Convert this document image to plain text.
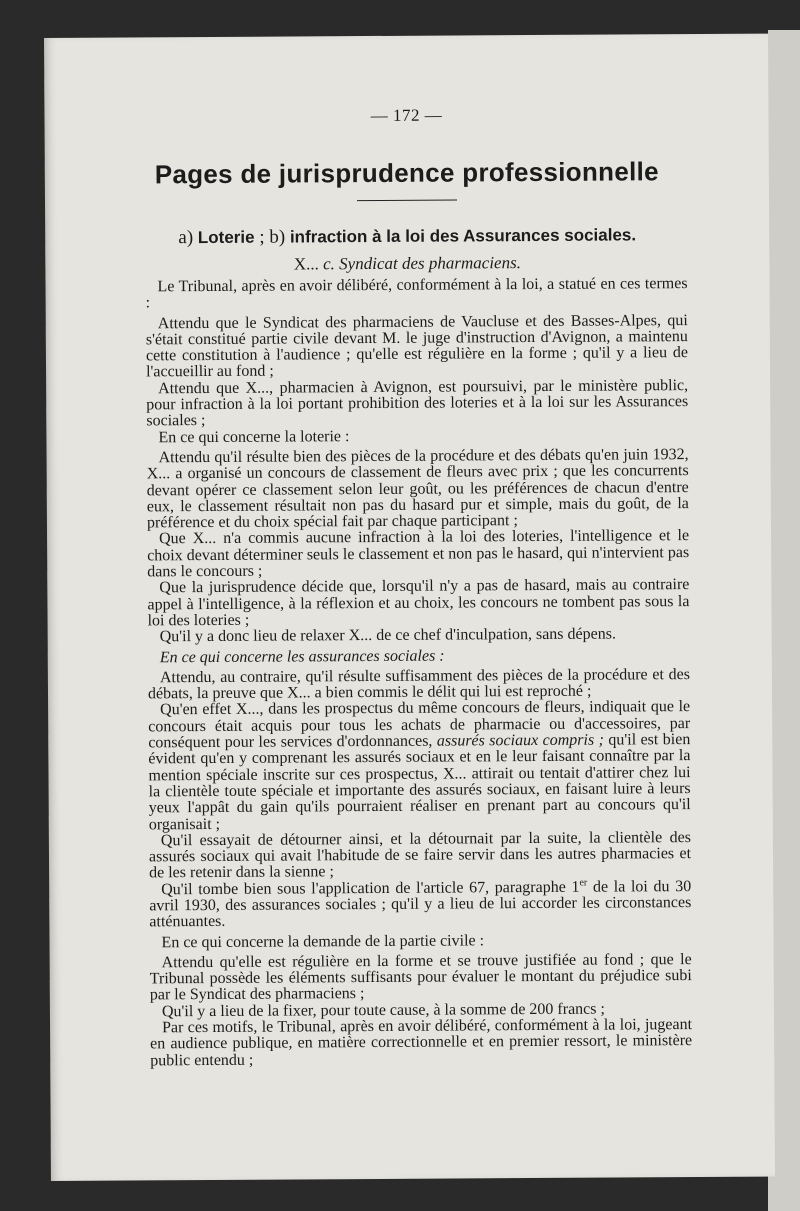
— 172 —
Pages de jurisprudence professionnelle
a) Loterie ; b) infraction à la loi des Assurances sociales.
X... c. Syndicat des pharmaciens.

Le Tribunal, après en avoir délibéré, conformément à la loi, a statué en ces termes :

Attendu que le Syndicat des pharmaciens de Vaucluse et des Basses-Alpes, qui s'était constitué partie civile devant M. le juge d'instruction d'Avignon, a maintenu cette constitution à l'audience ; qu'elle est régulière en la forme ; qu'il y a lieu de l'accueillir au fond ;

Attendu que X..., pharmacien à Avignon, est poursuivi, par le ministère public, pour infraction à la loi portant prohibition des loteries et à la loi sur les Assurances sociales ;

En ce qui concerne la loterie :

Attendu qu'il résulte bien des pièces de la procédure et des débats qu'en juin 1932, X... a organisé un concours de classement de fleurs avec prix ; que les concurrents devant opérer ce classement selon leur goût, ou les préférences de chacun d'entre eux, le classement résultait non pas du hasard pur et simple, mais du goût, de la préférence et du choix spécial fait par chaque participant ;

Que X... n'a commis aucune infraction à la loi des loteries, l'intelligence et le choix devant déterminer seuls le classement et non pas le hasard, qui n'intervient pas dans le concours ;

Que la jurisprudence décide que, lorsqu'il n'y a pas de hasard, mais au contraire appel à l'intelligence, à la réflexion et au choix, les concours ne tombent pas sous la loi des loteries ;

Qu'il y a donc lieu de relaxer X... de ce chef d'inculpation, sans dépens.

En ce qui concerne les assurances sociales :

Attendu, au contraire, qu'il résulte suffisamment des pièces de la procédure et des débats, la preuve que X... a bien commis le délit qui lui est reproché ;

Qu'en effet X..., dans les prospectus du même concours de fleurs, indiquait que le concours était acquis pour tous les achats de pharmacie ou d'accessoires, par conséquent pour les services d'ordonnances, assurés sociaux compris ; qu'il est bien évident qu'en y comprenant les assurés sociaux et en le leur faisant connaître par la mention spéciale inscrite sur ces prospectus, X... attirait ou tentait d'attirer chez lui la clientèle toute spéciale et importante des assurés sociaux, en faisant luire à leurs yeux l'appât du gain qu'ils pourraient réaliser en prenant part au concours qu'il organisait ;

Qu'il essayait de détourner ainsi, et la détournait par la suite, la clientèle des assurés sociaux qui avait l'habitude de se faire servir dans les autres pharmacies et de les retenir dans la sienne ;

Qu'il tombe bien sous l'application de l'article 67, paragraphe 1er de la loi du 30 avril 1930, des assurances sociales ; qu'il y a lieu de lui accorder les circonstances atténuantes.

En ce qui concerne la demande de la partie civile :

Attendu qu'elle est régulière en la forme et se trouve justifiée au fond ; que le Tribunal possède les éléments suffisants pour évaluer le montant du préjudice subi par le Syndicat des pharmaciens ;

Qu'il y a lieu de la fixer, pour toute cause, à la somme de 200 francs ;

Par ces motifs, le Tribunal, après en avoir délibéré, conformément à la loi, jugeant en audience publique, en matière correctionnelle et en premier ressort, le ministère public entendu ;
